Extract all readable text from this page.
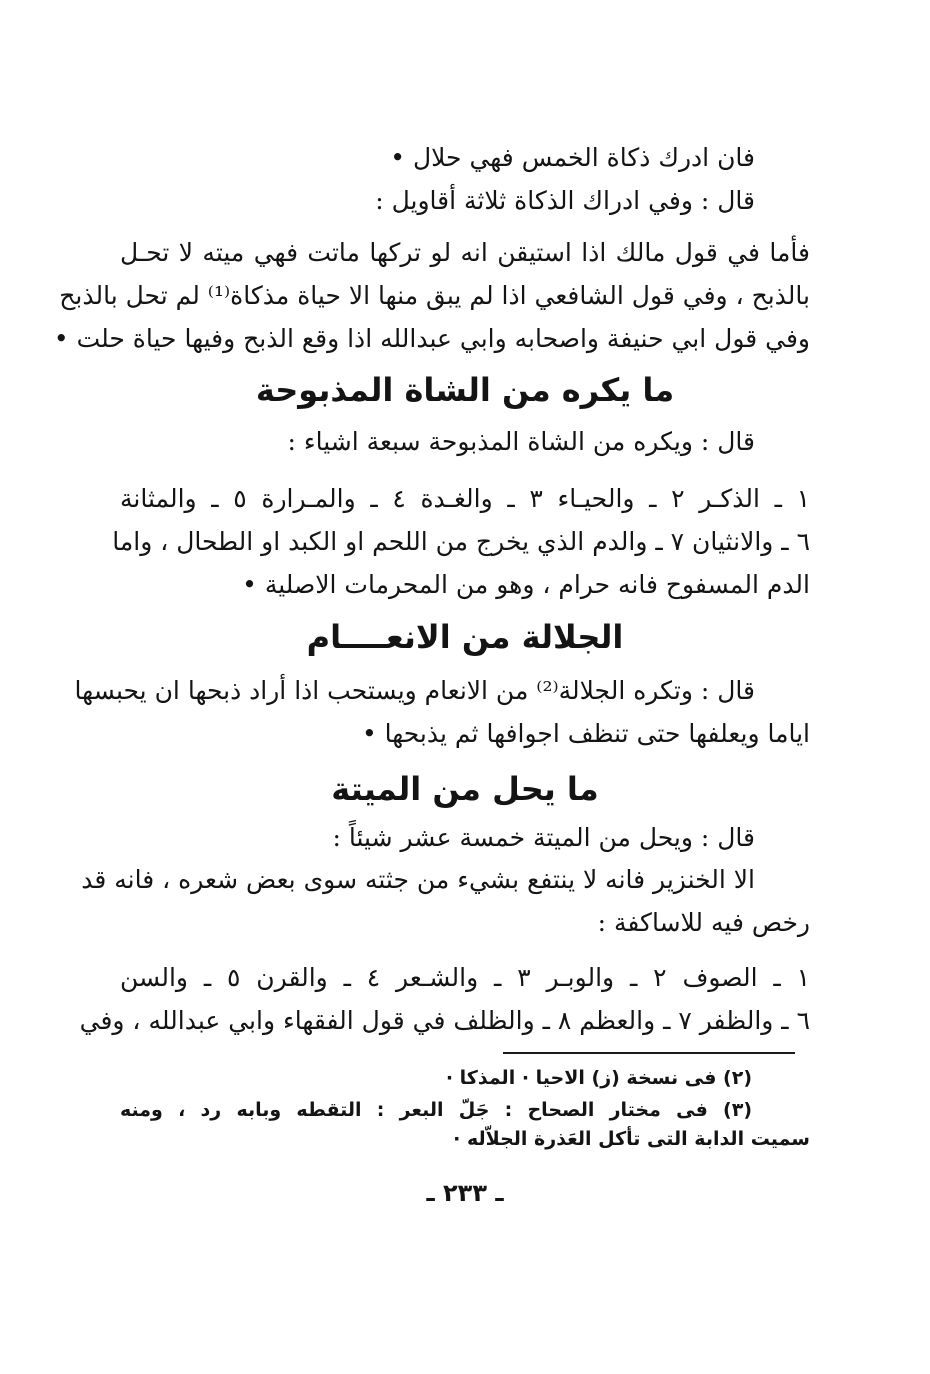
فان ادرك ذكاة الخمس فهي حلال •
قال : وفي ادراك الذكاة ثلاثة أقاويل :
فأما في قول مالك اذا استيقن انه لو تركها ماتت فهي ميته لا تحـل
بالذبح ، وفي قول الشافعي اذا لم يبق منها الا حياة مذكاة⁽¹⁾ لم تحل بالذبح
وفي قول ابي حنيفة واصحابه وابي عبدالله اذا وقع الذبح وفيها حياة حلت •
ما يكره من الشاة المذبوحة
قال : ويكره من الشاة المذبوحة سبعة اشياء :
١ ـ الذكـر ٢ ـ والحيـاء ٣ ـ والغـدة ٤ ـ والمـرارة ٥ ـ والمثانة
٦ ـ والانثيان ٧ ـ والدم الذي يخرج من اللحم او الكبد او الطحال ، واما
الدم المسفوح فانه حرام ، وهو من المحرمات الاصلية •
الجلالة من الانعــــام
قال : وتكره الجلالة⁽²⁾ من الانعام ويستحب اذا أراد ذبحها ان يحبسها
اياما ويعلفها حتى تنظف اجوافها ثم يذبحها •
ما يحل من الميتة
قال : ويحل من الميتة خمسة عشر شيئاً :
الا الخنزير فانه لا ينتفع بشيء من جثته سوى بعض شعره ، فانه قد
رخص فيه للاساكفة :
١ ـ الصوف ٢ ـ والوبـر ٣ ـ والشـعر ٤ ـ والقرن ٥ ـ والسن
٦ ـ والظفر ٧ ـ والعظم ٨ ـ والظلف في قول الفقهاء وابي عبدالله ، وفي
(٢) فى نسخة (ز) الاحيا · المذكا ·
(٣) فى مختار الصحاح : جَلّ البعر : التقطه وبابه رد ، ومنه
سميت الدابة التى تأكل العَذرة الجلاّله ·
ـ ٢٣٣ ـ
